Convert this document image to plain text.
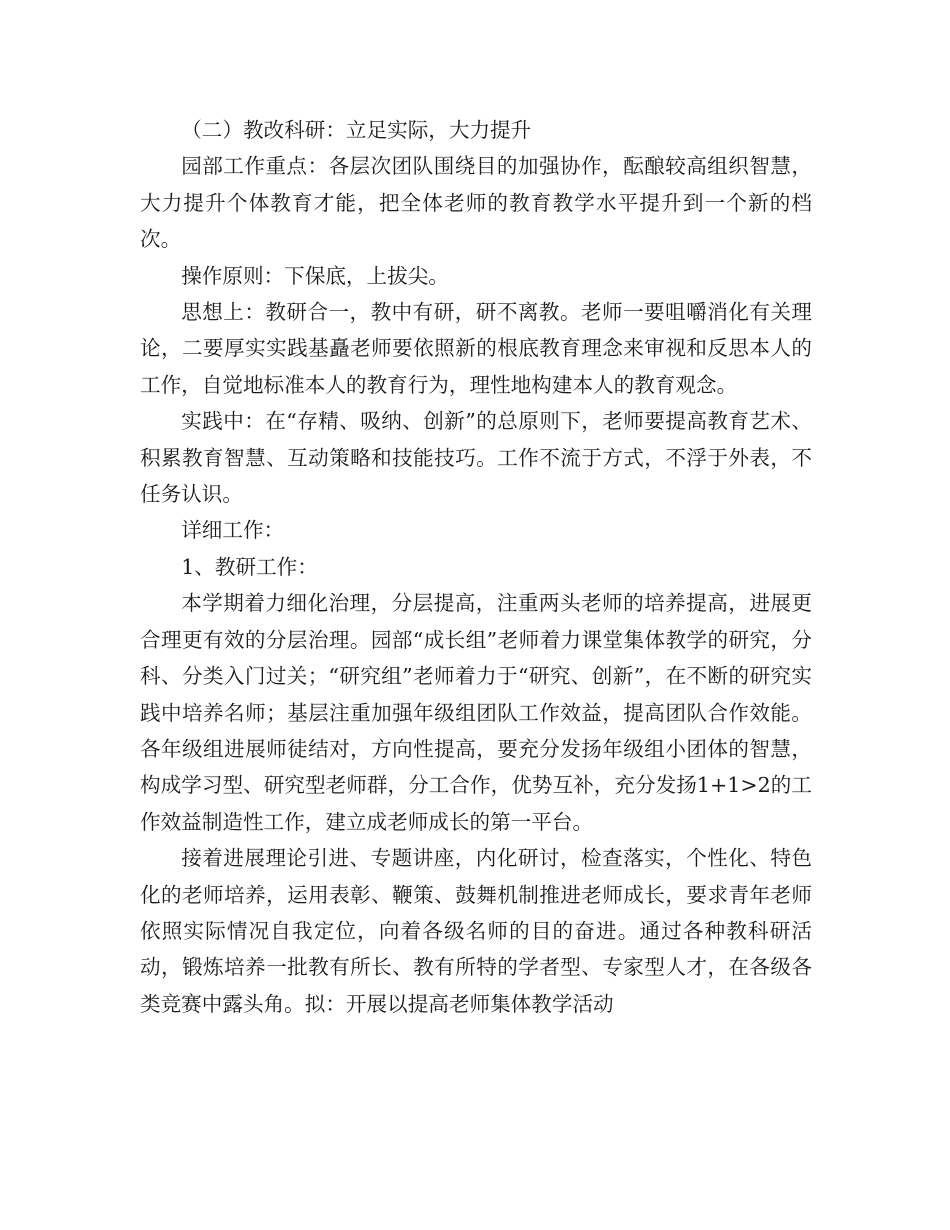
（二）教改科研：立足实际，大力提升

园部工作重点：各层次团队围绕目的加强协作，酝酿较高组织智慧，大力提升个体教育才能，把全体老师的教育教学水平提升到一个新的档次。

操作原则：下保底，上拔尖。

思想上：教研合一，教中有研，研不离教。老师一要咀嚼消化有关理论，二要厚实实践基矗老师要依照新的根底教育理念来审视和反思本人的工作，自觉地标准本人的教育行为，理性地构建本人的教育观念。

实践中：在“存精、吸纳、创新”的总原则下，老师要提高教育艺术、积累教育智慧、互动策略和技能技巧。工作不流于方式，不浮于外表，不任务认识。

详细工作：

1、教研工作：

本学期着力细化治理，分层提高，注重两头老师的培养提高，进展更合理更有效的分层治理。园部“成长组”老师着力课堂集体教学的研究，分科、分类入门过关；“研究组”老师着力于“研究、创新”，在不断的研究实践中培养名师；基层注重加强年级组团队工作效益，提高团队合作效能。各年级组进展师徒结对，方向性提高，要充分发扬年级组小团体的智慧，构成学习型、研究型老师群，分工合作，优势互补，充分发扬1+1>2的工作效益制造性工作，建立成老师成长的第一平台。

接着进展理论引进、专题讲座，内化研讨，检查落实，个性化、特色化的老师培养，运用表彰、鞭策、鼓舞机制推进老师成长，要求青年老师依照实际情况自我定位，向着各级名师的目的奋进。通过各种教科研活动，锻炼培养一批教有所长、教有所特的学者型、专家型人才，在各级各类竞赛中露头角。拟：开展以提高老师集体教学活动
